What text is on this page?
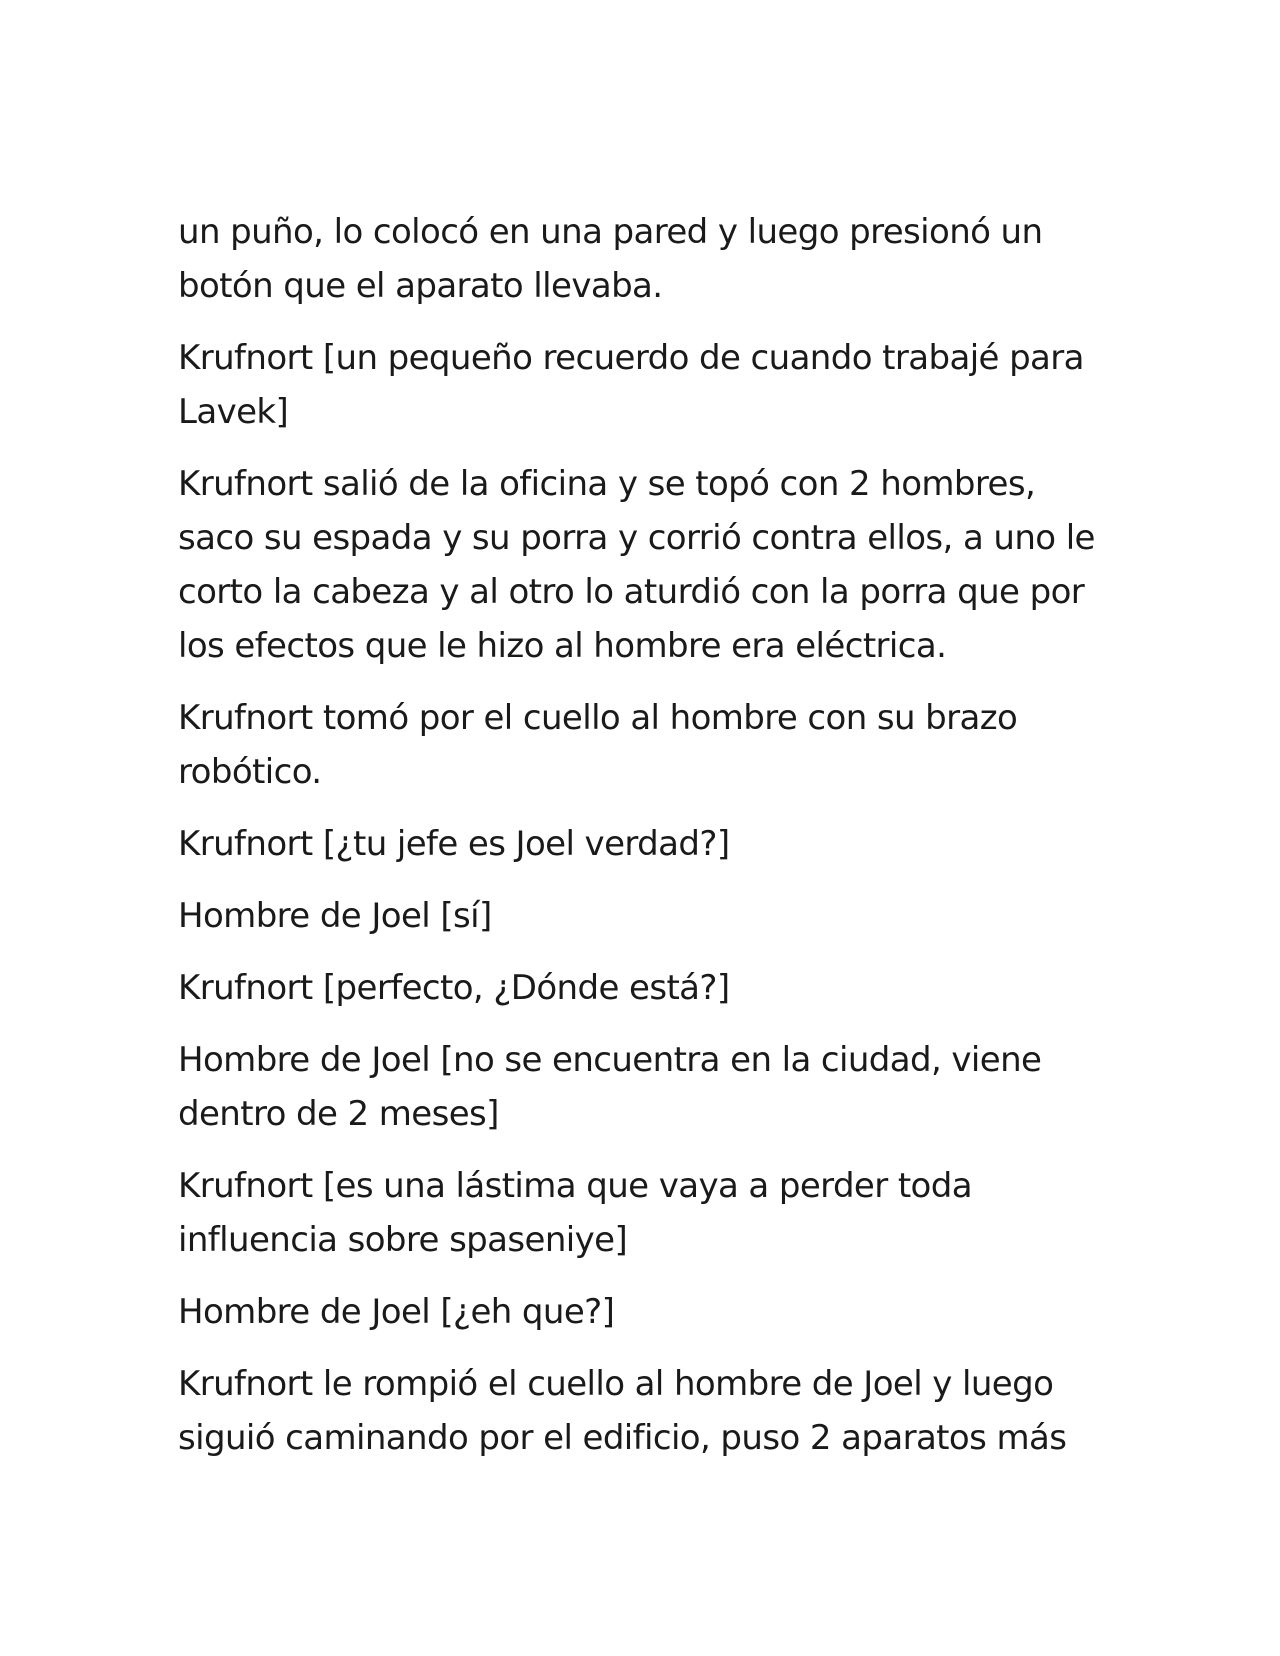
un puño, lo colocó en una pared y luego presionó un botón que el aparato llevaba.

Krufnort [un pequeño recuerdo de cuando trabajé para Lavek]

Krufnort salió de la oficina y se topó con 2 hombres, saco su espada y su porra y corrió contra ellos, a uno le corto la cabeza y al otro lo aturdió con la porra que por los efectos que le hizo al hombre era eléctrica.

Krufnort tomó por el cuello al hombre con su brazo robótico.

Krufnort [¿tu jefe es Joel verdad?]

Hombre de Joel [sí]

Krufnort [perfecto, ¿Dónde está?]

Hombre de Joel [no se encuentra en la ciudad, viene dentro de 2 meses]

Krufnort [es una lástima que vaya a perder toda influencia sobre spaseniye]

Hombre de Joel [¿eh que?]

Krufnort le rompió el cuello al hombre de Joel y luego siguió caminando por el edificio, puso 2 aparatos más
